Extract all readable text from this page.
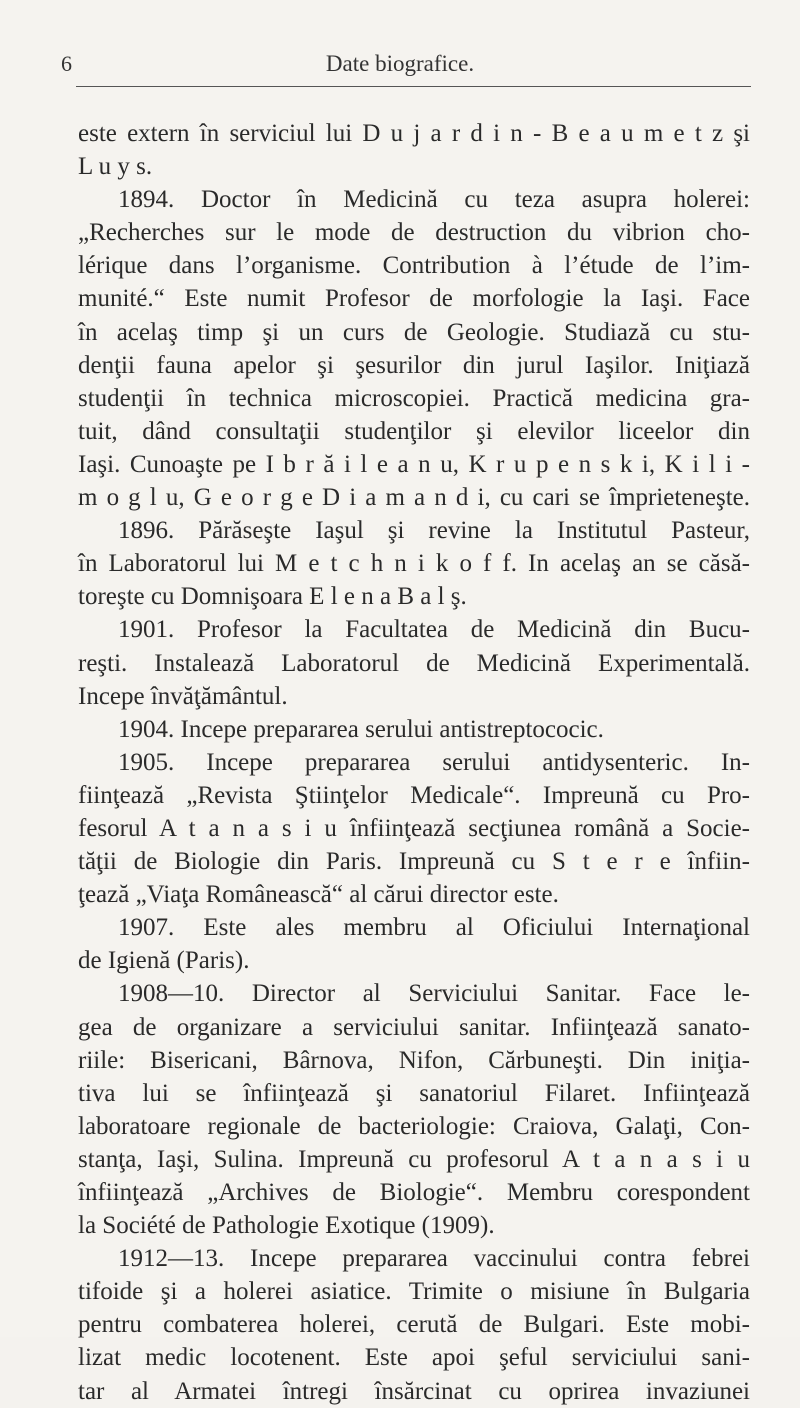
6	Date biografice.
este extern în serviciul lui D u j a r d i n - B e a u m e t z şi
L u y s.
1894. Doctor în Medicină cu teza asupra holerei:
„Recherches sur le mode de destruction du vibrion cho-
lérique dans l’organisme. Contribution à l’étude de l’im-
munité.“ Este numit Profesor de morfologie la Iaşi. Face
în acelaş timp şi un curs de Geologie. Studiază cu stu-
denţii fauna apelor şi şesurilor din jurul Iaşilor. Iniţiază
studenţii în technica microscopiei. Practică medicina gra-
tuit, dând consultaţii studenţilor şi elevilor liceelor din
Iaşi. Cunoaşte pe I b r ă i l e a n u, K r u p e n s k i, K i l i -
m o g l u, G e o r g e D i a m a n d i, cu cari se împrieteneşte.
1896. Părăseşte Iaşul şi revine la Institutul Pasteur,
în Laboratorul lui M e t c h n i k o f f. In acelaş an se căsă-
toreşte cu Domnişoara E l e n a B a l ş.
1901. Profesor la Facultatea de Medicină din Bucu-
reşti. Instalează Laboratorul de Medicină Experimentală.
Incepe învăţământul.
1904. Incepe prepararea serului antistreptococic.
1905. Incepe prepararea serului antidysenteric. In-
fiinţează „Revista Ştiinţelor Medicale“. Impreună cu Pro-
fesorul A t a n a s i u înfiinţează secţiunea română a Socie-
tăţii de Biologie din Paris. Impreună cu S t e r e înfiin-
ţează „Viaţa Românească“ al cărui director este.
1907. Este ales membru al Oficiului Internaţional
de Igienă (Paris).
1908—10. Director al Serviciului Sanitar. Face le-
gea de organizare a serviciului sanitar. Infiinţează sanato-
riile: Bisericani, Bârnova, Nifon, Cărbuneşti. Din iniţia-
tiva lui se înfiinţează şi sanatoriul Filaret. Infiinţează
laboratoare regionale de bacteriologie: Craiova, Galaţi, Con-
stanţa, Iaşi, Sulina. Impreună cu profesorul A t a n a s i u
înfiinţează „Archives de Biologie“. Membru corespondent
la Société de Pathologie Exotique (1909).
1912—13. Incepe prepararea vaccinului contra febrei
tifoide şi a holerei asiatice. Trimite o misiune în Bulgaria
pentru combaterea holerei, cerută de Bulgari. Este mobi-
lizat medic locotenent. Este apoi şeful serviciului sani-
tar al Armatei întregi însărcinat cu oprirea invaziunei
